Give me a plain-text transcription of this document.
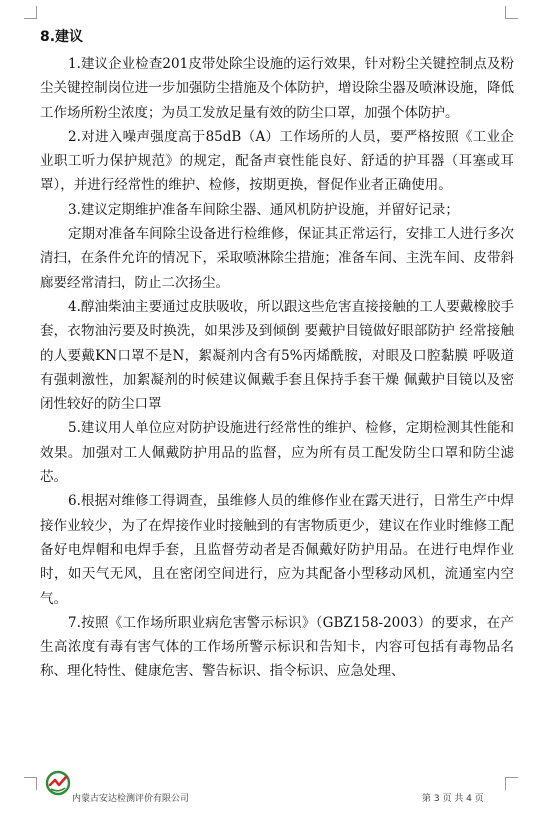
8.建议

1.建议企业检查201皮带处除尘设施的运行效果，针对粉尘关键控制点及粉尘关键控制岗位进一步加强防尘措施及个体防护，增设除尘器及喷淋设施，降低工作场所粉尘浓度；为员工发放足量有效的防尘口罩，加强个体防护。

2.对进入噪声强度高于85dB（A）工作场所的人员，要严格按照《工业企业职工听力保护规范》的规定，配备声衰性能良好、舒适的护耳器（耳塞或耳罩），并进行经常性的维护、检修，按期更换，督促作业者正确使用。

3.建议定期维护准备车间除尘器、通风机防护设施，并留好记录；

定期对准备车间除尘设备进行检维修，保证其正常运行，安排工人进行多次清扫，在条件允许的情况下，采取喷淋除尘措施；准备车间、主洗车间、皮带斜廊要经常清扫，防止二次扬尘。

4.醇油柴油主要通过皮肤吸收，所以跟这些危害直接接触的工人要戴橡胶手套，衣物油污要及时换洗，如果涉及到倾倒 要戴护目镜做好眼部防护 经常接触的人要戴KN口罩不是N，絮凝剂内含有5%丙烯酰胺，对眼及口腔黏膜 呼吸道有强刺激性，加絮凝剂的时候建议佩戴手套且保持手套干燥 佩戴护目镜以及密闭性较好的防尘口罩

5.建议用人单位应对防护设施进行经常性的维护、检修，定期检测其性能和效果。加强对工人佩戴防护用品的监督，应为所有员工配发防尘口罩和防尘滤芯。

6.根据对维修工得调查，虽维修人员的维修作业在露天进行，日常生产中焊接作业较少，为了在焊接作业时接触到的有害物质更少，建议在作业时维修工配备好电焊帽和电焊手套，且监督劳动者是否佩戴好防护用品。在进行电焊作业时，如天气无风，且在密闭空间进行，应为其配备小型移动风机，流通室内空气。

7.按照《工作场所职业病危害警示标识》（GBZ158-2003）的要求，在产生高浓度有毒有害气体的工作场所警示标识和告知卡，内容可包括有毒物品名称、理化特性、健康危害、警告标识、指令标识、应急处理、

内蒙古安达检测评价有限公司	第 3 页 共 4 页
